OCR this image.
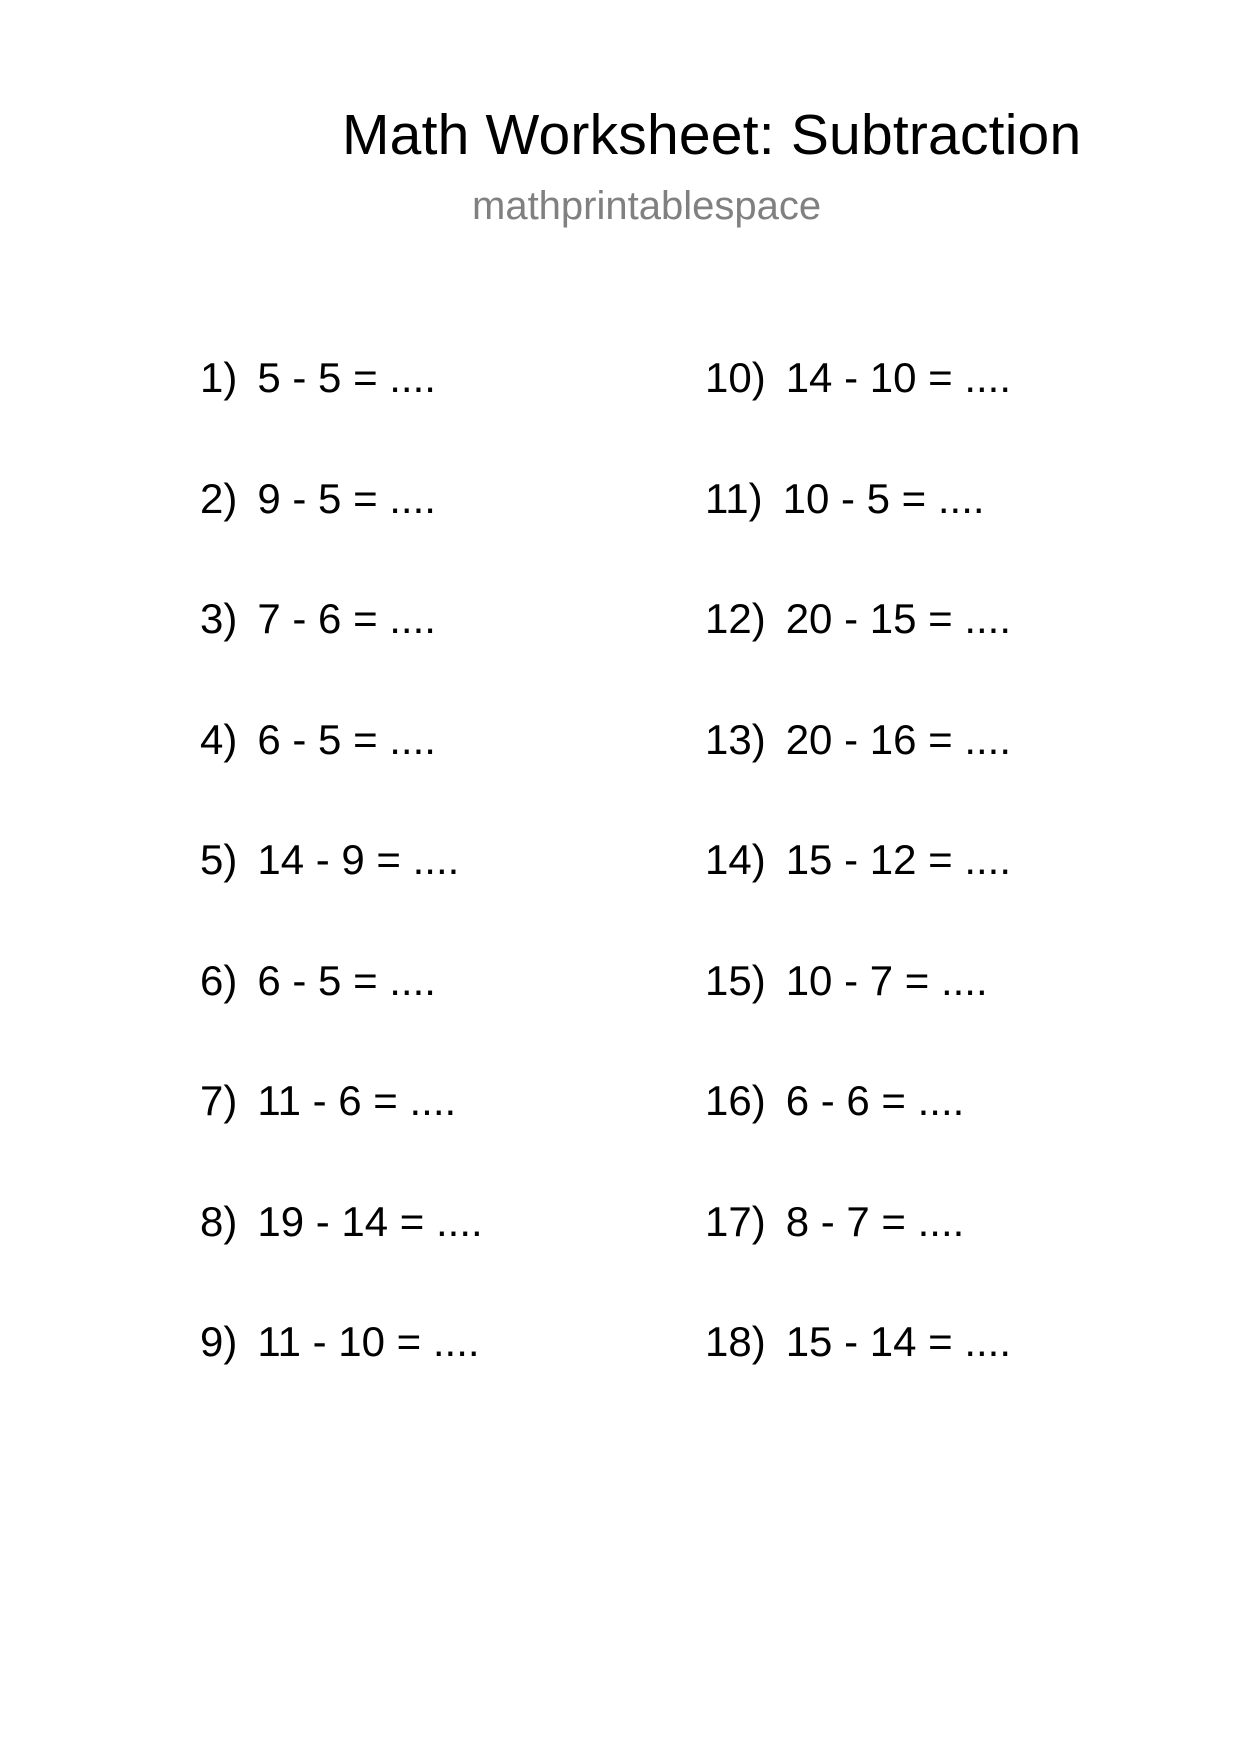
Math Worksheet: Subtraction
mathprintablespace
1) 5 - 5 = ....
2) 9 - 5 = ....
3) 7 - 6 = ....
4) 6 - 5 = ....
5) 14 - 9 = ....
6) 6 - 5 = ....
7) 11 - 6 = ....
8) 19 - 14 = ....
9) 11 - 10 = ....
10) 14 - 10 = ....
11) 10 - 5 = ....
12) 20 - 15 = ....
13) 20 - 16 = ....
14) 15 - 12 = ....
15) 10 - 7 = ....
16) 6 - 6 = ....
17) 8 - 7 = ....
18) 15 - 14 = ....
